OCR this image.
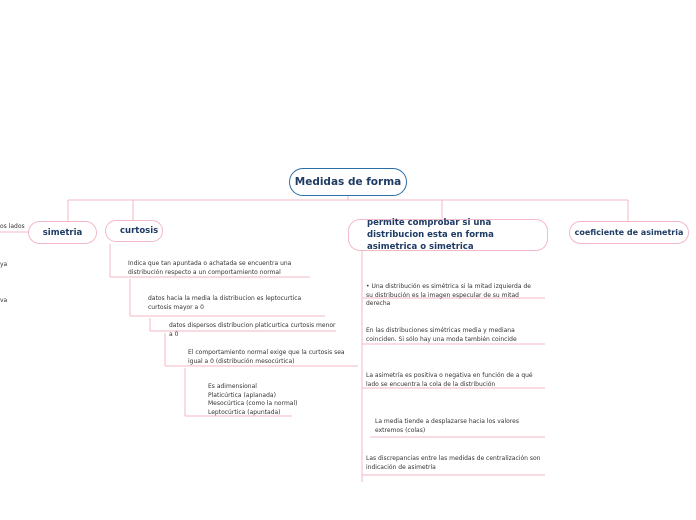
Medidas de forma
simetria	curtosis
permite comprobar si una distribucion esta en forma asimetrica o simetrica
coeficiente de asimetria
os lados
ya
va
Indica que tan apuntada o achatada se encuentra una distribución respecto a un comportamiento normal
datos hacia la media la distribucion es leptocurtica curtosis mayor a 0
datos dispersos distribucion platicurtica curtosis menor a 0
El comportamiento normal exige que la curtosis sea igual a 0 (distribución mesocúrtica)
Es adimensional
Platicúrtica (aplanada)
Mesocúrtica (como la normal)
Leptocúrtica (apuntada)
• Una distribución es simétrica si la mitad izquierda de su distribución es la imagen especular de su mitad derecha
En las distribuciones simétricas media y mediana coinciden. Si sólo hay una moda también coincide
La asimetría es positiva o negativa en función de a qué lado se encuentra la cola de la distribución
La media tiende a desplazarse hacia los valores extremos (colas)
Las discrepancias entre las medidas de centralización son indicación de asimetría
